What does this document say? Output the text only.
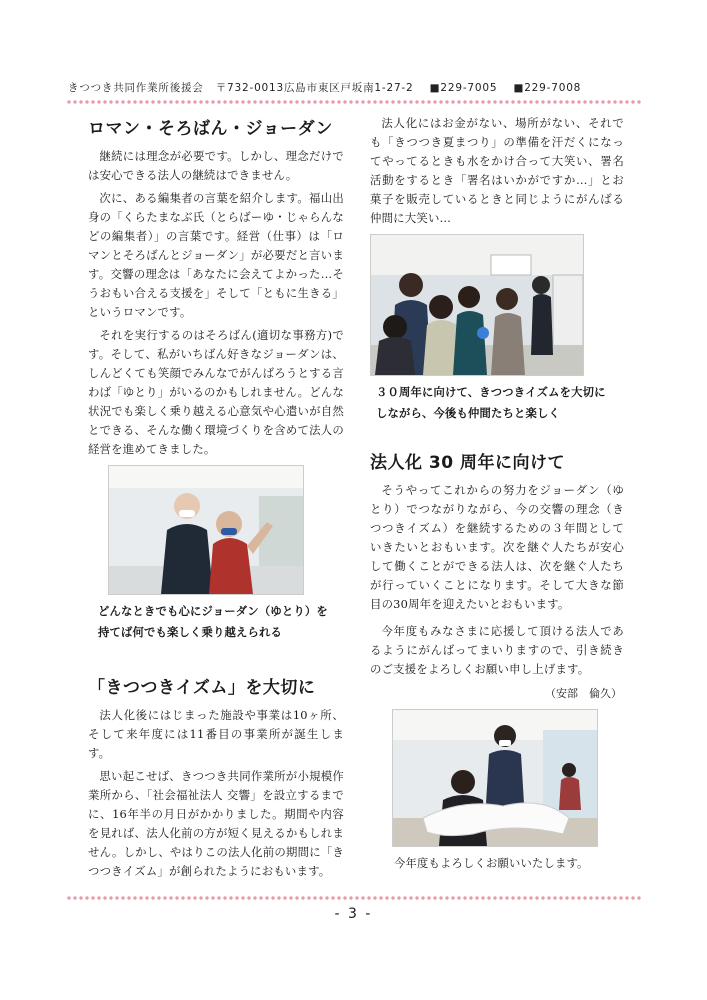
きつつき共同作業所後援会 〒732-0013広島市東区戸坂南1-27-2 ■229-7005 ■229-7008
ロマン・そろばん・ジョーダン

継続には理念が必要です。しかし、理念だけでは安心できる法人の継続はできません。

次に、ある編集者の言葉を紹介します。福山出身の「くらたまなぶ氏（とらばーゆ・じゃらんなどの編集者）」の言葉です。経営（仕事）は「ロマンとそろばんとジョーダン」が必要だと言います。交響の理念は「あなたに会えてよかった…そうおもい合える支援を」そして「ともに生きる」というロマンです。

それを実行するのはそろばん(適切な事務方)です。そして、私がいちばん好きなジョーダンは、しんどくても笑顔でみんなでがんばろうとする言わば「ゆとり」がいるのかもしれません。どんな状況でも楽しく乗り越える心意気や心遣いが自然とできる、そんな働く環境づくりを含めて法人の経営を進めてきました。

どんなときでも心にジョーダン（ゆとり）を
持てば何でも楽しく乗り越えられる
「きつつきイズム」を大切に

法人化後にはじまった施設や事業は10ヶ所、そして来年度には11番目の事業所が誕生します。

思い起こせば、きつつき共同作業所が小規模作業所から、「社会福祉法人 交響」を設立するまでに、16年半の月日がかかりました。期間や内容を見れば、法人化前の方が短く見えるかもしれません。しかし、やはりこの法人化前の期間に「きつつきイズム」が創られたようにおもいます。

法人化にはお金がない、場所がない、それでも「きつつき夏まつり」の準備を汗だくになってやってるときも水をかけ合って大笑い、署名活動をするとき「署名はいかがですか…」とお菓子を販売しているときと同じようにがんばる仲間に大笑い…

３０周年に向けて、きつつきイズムを大切に
しながら、今後も仲間たちと楽しく
法人化 30 周年に向けて

そうやってこれからの努力をジョーダン（ゆとり）でつながりながら、今の交響の理念（きつつきイズム）を継続するための３年間としていきたいとおもいます。次を継ぐ人たちが安心して働くことができる法人は、次を継ぐ人たちが行っていくことになります。そして大きな節目の30周年を迎えたいとおもいます。

今年度もみなさまに応援して頂ける法人であるようにがんばってまいりますので、引き続きのご支援をよろしくお願い申し上げます。

（安部　倫久）
今年度もよろしくお願いいたします。
- 3 -
